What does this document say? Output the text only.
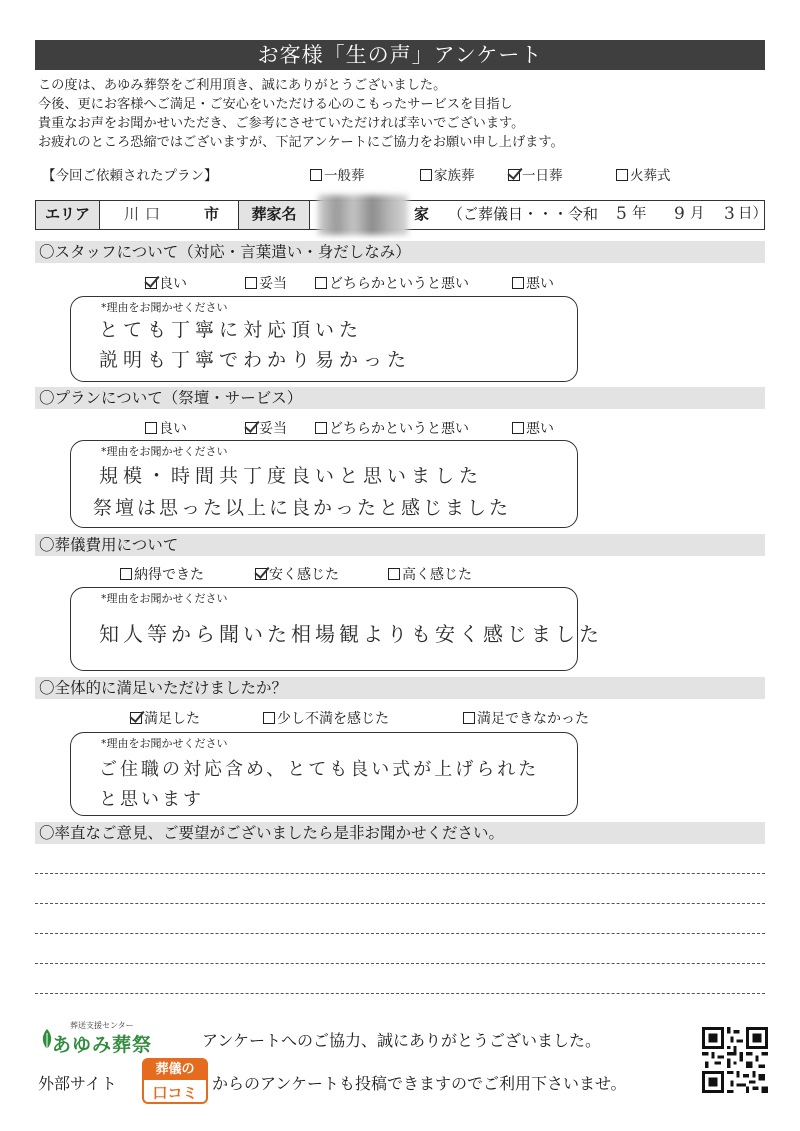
お客様「生の声」アンケート
この度は、あゆみ葬祭をご利用頂き、誠にありがとうございました。
今後、更にお客様へご満足・ご安心をいただける心のこもったサービスを目指し
貴重なお声をお聞かせいただき、ご参考にさせていただければ幸いでございます。
お疲れのところ恐縮ではございますが、下記アンケートにご協力をお願い申し上げます。
【今回ご依頼されたプラン】	一般葬	家族葬	一日葬	火葬式
エリア	川口	市	葬家名	家 （ご葬儀日・・・令和 5 年 9 月 3 日）
〇スタッフについて（対応・言葉遣い・身だしなみ）
良い	妥当	どちらかというと悪い	悪い
*理由をお聞かせください
とても丁寧に対応頂いた
説明も丁寧でわかり易かった
〇プランについて（祭壇・サービス）
良い	妥当	どちらかというと悪い	悪い
*理由をお聞かせください
規模・時間共丁度良いと思いました
祭壇は思った以上に良かったと感じました
〇葬儀費用について
納得できた	安く感じた	高く感じた
*理由をお聞かせください
知人等から聞いた相場観よりも安く感じました
〇全体的に満足いただけましたか？
満足した	少し不満を感じた	満足できなかった
*理由をお聞かせください
ご住職の対応含め、とても良い式が上げられた
と思います
〇率直なご意見、ご要望がございましたら是非お聞かせください。
葬送支援センター
あゆみ葬祭	アンケートへのご協力、誠にありがとうございました。
外部サイト
葬儀の
口コミ からのアンケートも投稿できますのでご利用下さいませ。
